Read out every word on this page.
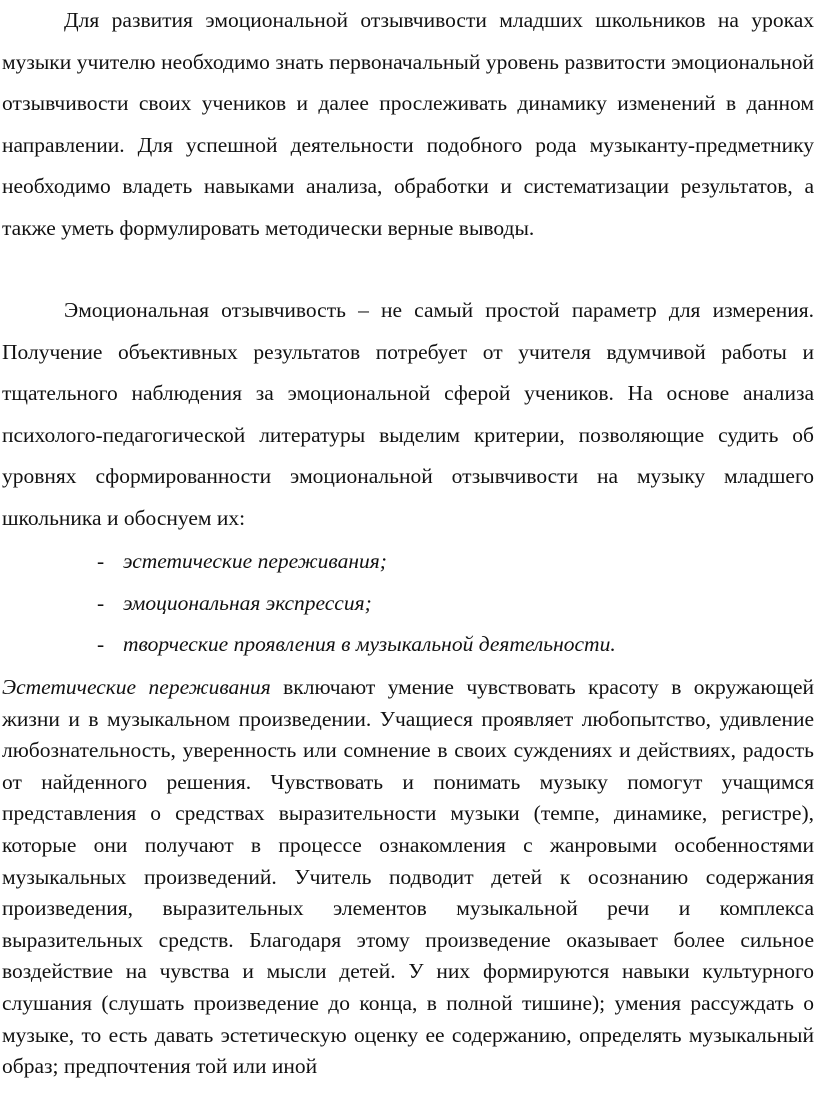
Для развития эмоциональной отзывчивости младших школьников на уроках музыки учителю необходимо знать первоначальный уровень развитости эмоциональной отзывчивости своих учеников и далее прослеживать динамику изменений в данном направлении. Для успешной деятельности подобного рода музыканту-предметнику необходимо владеть навыками анализа, обработки и систематизации результатов, а также уметь формулировать методически верные выводы.

Эмоциональная отзывчивость – не самый простой параметр для измерения. Получение объективных результатов потребует от учителя вдумчивой работы и тщательного наблюдения за эмоциональной сферой учеников. На основе анализа психолого-педагогической литературы выделим критерии, позволяющие судить об уровнях сформированности эмоциональной отзывчивости на музыку младшего школьника и обоснуем их:

- эстетические переживания;
- эмоциональная экспрессия;
- творческие проявления в музыкальной деятельности.

Эстетические переживания включают умение чувствовать красоту в окружающей жизни и в музыкальном произведении. Учащиеся проявляет любопытство, удивление любознательность, уверенность или сомнение в своих суждениях и действиях, радость от найденного решения. Чувствовать и понимать музыку помогут учащимся представления о средствах выразительности музыки (темпе, динамике, регистре), которые они получают в процессе ознакомления с жанровыми особенностями музыкальных произведений. Учитель подводит детей к осознанию содержания произведения, выразительных элементов музыкальной речи и комплекса выразительных средств. Благодаря этому произведение оказывает более сильное воздействие на чувства и мысли детей. У них формируются навыки культурного слушания (слушать произведение до конца, в полной тишине); умения рассуждать о музыке, то есть давать эстетическую оценку ее содержанию, определять музыкальный образ; предпочтения той или иной
